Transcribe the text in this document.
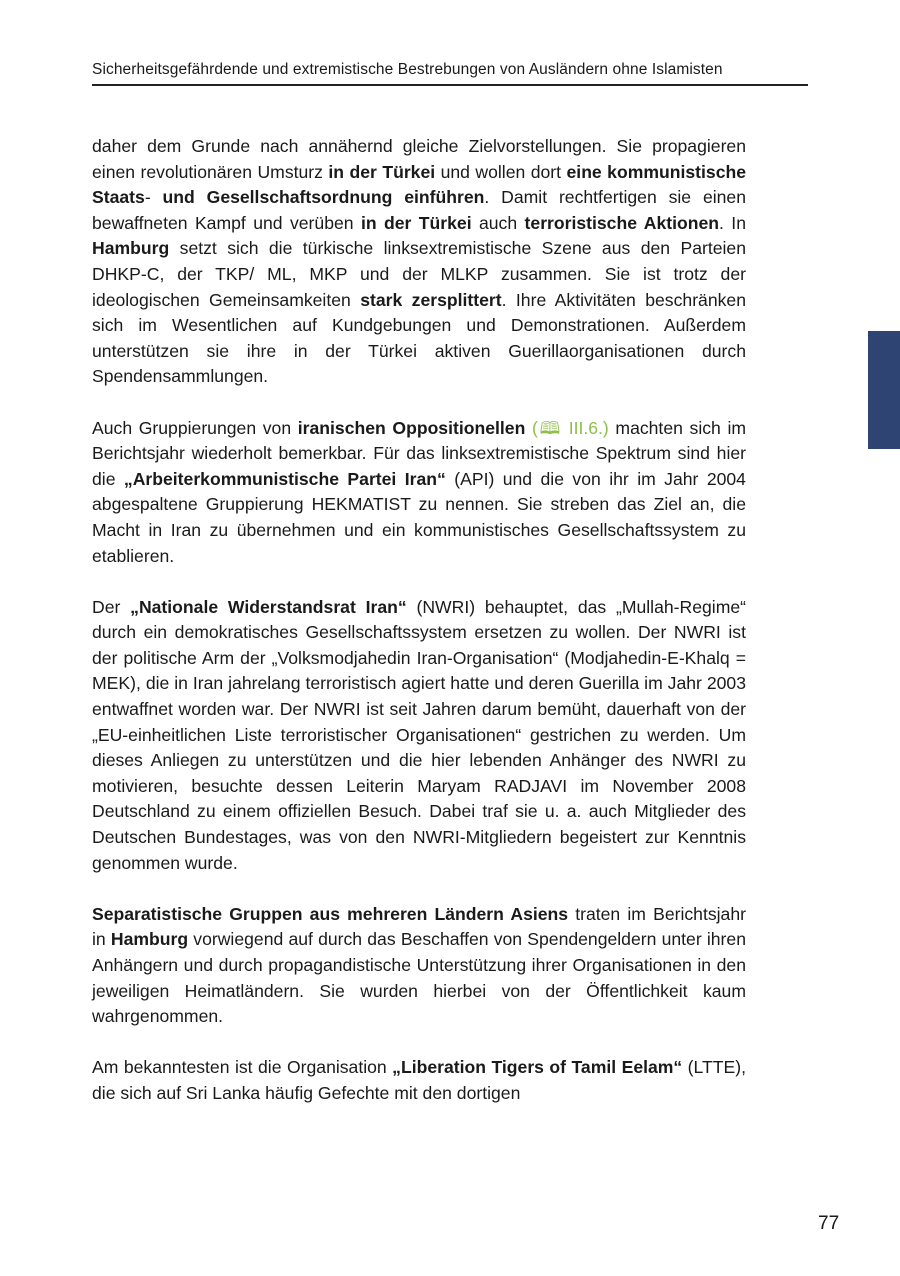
Sicherheitsgefährdende und extremistische Bestrebungen von Ausländern ohne Islamisten

daher dem Grunde nach annähernd gleiche Zielvorstellungen. Sie propagieren einen revolutionären Umsturz in der Türkei und wollen dort eine kommunistische Staats- und Gesellschaftsordnung einführen. Damit rechtfertigen sie einen bewaffneten Kampf und verüben in der Türkei auch terroristische Aktionen. In Hamburg setzt sich die türkische linksextremistische Szene aus den Parteien DHKP-C, der TKP/ ML, MKP und der MLKP zusammen. Sie ist trotz der ideologischen Gemeinsamkeiten stark zersplittert. Ihre Aktivitäten beschränken sich im Wesentlichen auf Kundgebungen und Demonstrationen. Außerdem unterstützen sie ihre in der Türkei aktiven Guerillaorganisationen durch Spendensammlungen.

Auch Gruppierungen von iranischen Oppositionellen (🕮 III.6.) machten sich im Berichtsjahr wiederholt bemerkbar. Für das linksextremistische Spektrum sind hier die „Arbeiterkommunistische Partei Iran“ (API) und die von ihr im Jahr 2004 abgespaltene Gruppierung HEKMATIST zu nennen. Sie streben das Ziel an, die Macht in Iran zu übernehmen und ein kommunistisches Gesellschaftssystem zu etablieren.

Der „Nationale Widerstandsrat Iran“ (NWRI) behauptet, das „Mullah-Regime“ durch ein demokratisches Gesellschaftssystem ersetzen zu wollen. Der NWRI ist der politische Arm der „Volksmodjahedin Iran-Organisation“ (Modjahedin-E-Khalq = MEK), die in Iran jahrelang terroristisch agiert hatte und deren Guerilla im Jahr 2003 entwaffnet worden war. Der NWRI ist seit Jahren darum bemüht, dauerhaft von der „EU-einheitlichen Liste terroristischer Organisationen“ gestrichen zu werden. Um dieses Anliegen zu unterstützen und die hier lebenden Anhänger des NWRI zu motivieren, besuchte dessen Leiterin Maryam RADJAVI im November 2008 Deutschland zu einem offiziellen Besuch. Dabei traf sie u. a. auch Mitglieder des Deutschen Bundestages, was von den NWRI-Mitgliedern begeistert zur Kenntnis genommen wurde.

Separatistische Gruppen aus mehreren Ländern Asiens traten im Berichtsjahr in Hamburg vorwiegend auf durch das Beschaffen von Spendengeldern unter ihren Anhängern und durch propagandistische Unterstützung ihrer Organisationen in den jeweiligen Heimatländern. Sie wurden hierbei von der Öffentlichkeit kaum wahrgenommen.

Am bekanntesten ist die Organisation „Liberation Tigers of Tamil Eelam“ (LTTE), die sich auf Sri Lanka häufig Gefechte mit den dortigen

77
